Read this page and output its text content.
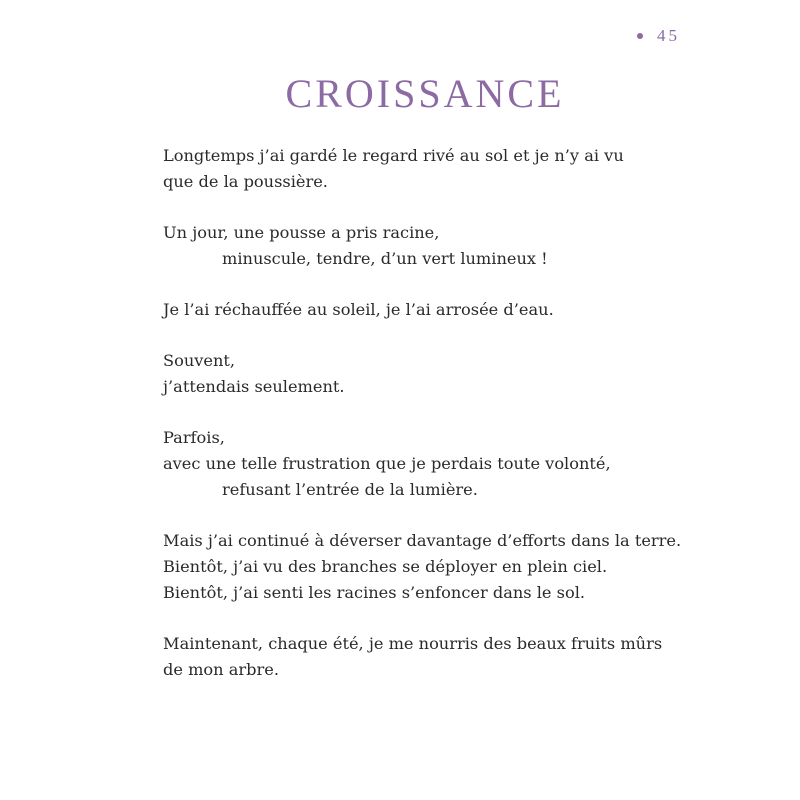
45
CROISSANCE

Longtemps j’ai gardé le regard rivé au sol et je n’y ai vu
que de la poussière.

Un jour, une pousse a pris racine,
minuscule, tendre, d’un vert lumineux !

Je l’ai réchauffée au soleil, je l’ai arrosée d’eau.

Souvent,
j’attendais seulement.

Parfois,
avec une telle frustration que je perdais toute volonté,
refusant l’entrée de la lumière.

Mais j’ai continué à déverser davantage d’efforts dans la terre.
Bientôt, j’ai vu des branches se déployer en plein ciel.
Bientôt, j’ai senti les racines s’enfoncer dans le sol.

Maintenant, chaque été, je me nourris des beaux fruits mûrs
de mon arbre.
